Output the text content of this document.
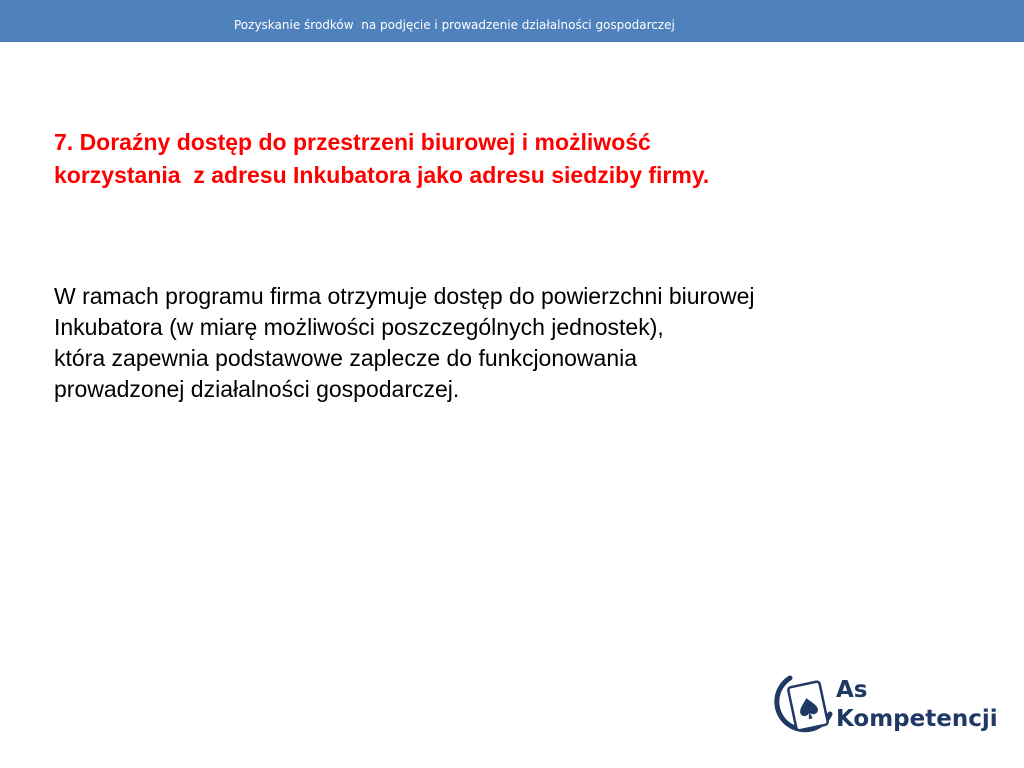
Pozyskanie środków  na podjęcie i prowadzenie działalności gospodarczej
7. Doraźny dostęp do przestrzeni biurowej i możliwość
korzystania  z adresu Inkubatora jako adresu siedziby firmy.

W ramach programu firma otrzymuje dostęp do powierzchni biurowej
Inkubatora (w miarę możliwości poszczególnych jednostek),
która zapewnia podstawowe zaplecze do funkcjonowania
prowadzonej działalności gospodarczej.

As
Kompetencji
